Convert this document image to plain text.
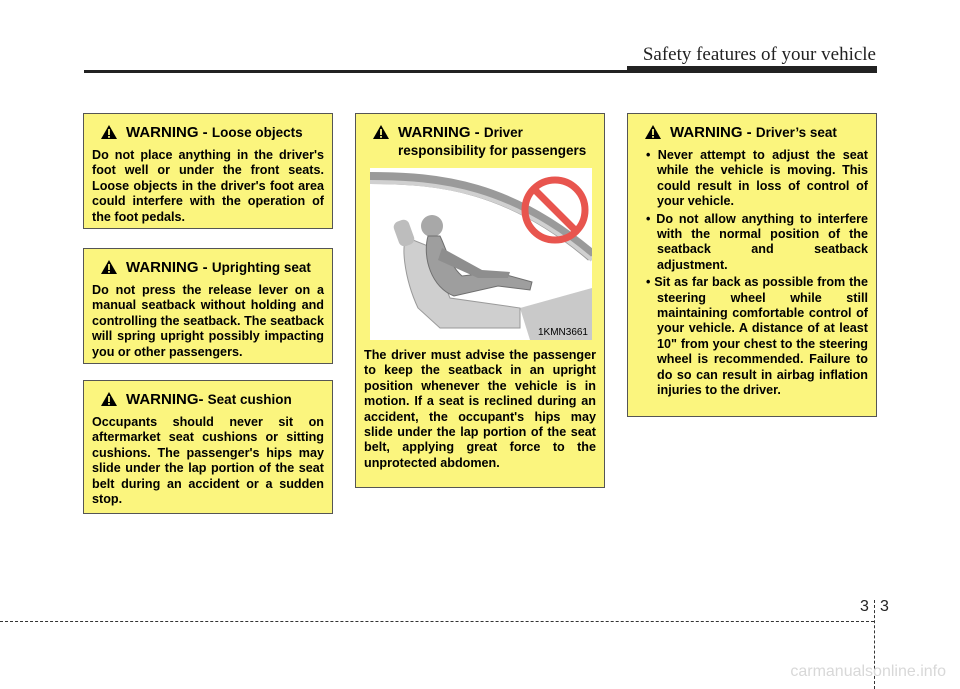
Safety features of your vehicle
WARNING - Loose objects
Do not place anything in the driver's foot well or under the front seats. Loose objects in the driver's foot area could interfere with the operation of the foot pedals.
WARNING - Uprighting seat
Do not press the release lever on a manual seatback without holding and controlling the seatback. The seatback will spring upright possibly impacting you or other passengers.
WARNING- Seat cushion
Occupants should never sit on aftermarket seat cushions or sitting cushions. The passenger's hips may slide under the lap portion of the seat belt during an accident or a sudden stop.
WARNING - Driver responsibility for passengers
1KMN3661
The driver must advise the passenger to keep the seatback in an upright position whenever the vehicle is in motion. If a seat is reclined during an accident, the occupant's hips may slide under the lap portion of the seat belt, applying great force to the unprotected abdomen.
WARNING - Driver’s seat
• Never attempt to adjust the seat while the vehicle is moving. This could result in loss of control of your vehicle.
• Do not allow anything to interfere with the normal position of the seatback and seatback adjustment.
• Sit as far back as possible from the steering wheel while still maintaining comfortable control of your vehicle. A distance of at least 10" from your chest to the steering wheel is recommended. Failure to do so can result in airbag inflation injuries to the driver.
3 3
carmanualsonline.info
